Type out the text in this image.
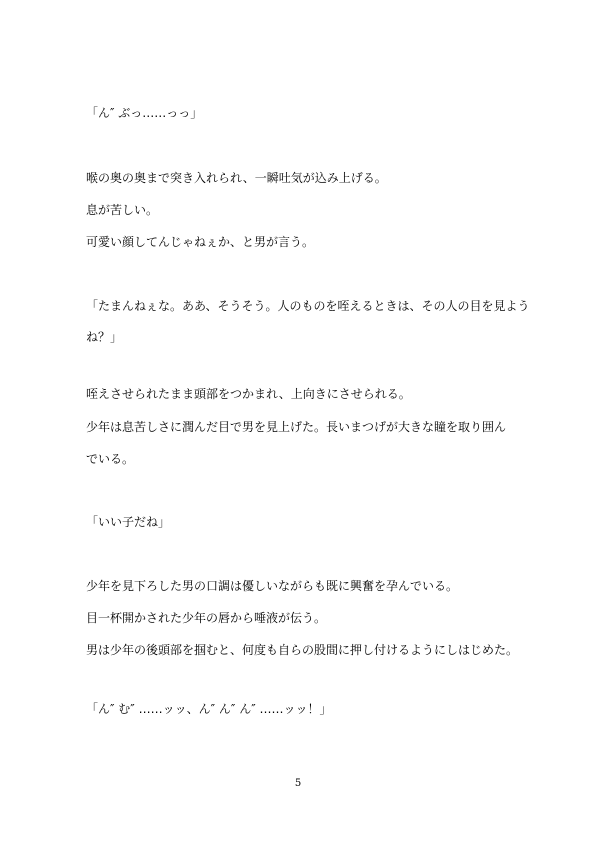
「ん″ ぶっ……っっ」

喉の奥の奥まで突き入れられ、一瞬吐気が込み上げる。

息が苦しい。

可愛い顔してんじゃねぇか、と男が言う。

「たまんねぇな。ああ、そうそう。人のものを咥えるときは、その人の目を見よう

ね？」

咥えさせられたまま頭部をつかまれ、上向きにさせられる。

少年は息苦しさに潤んだ目で男を見上げた。長いまつげが大きな瞳を取り囲ん

でいる。

「いい子だね」

少年を見下ろした男の口調は優しいながらも既に興奮を孕んでいる。

目一杯開かされた少年の唇から唾液が伝う。

男は少年の後頭部を掴むと、何度も自らの股間に押し付けるようにしはじめた。

「ん″ む″ ……ッッ、ん″ ん″ ん″ ……ッッ！」

5
